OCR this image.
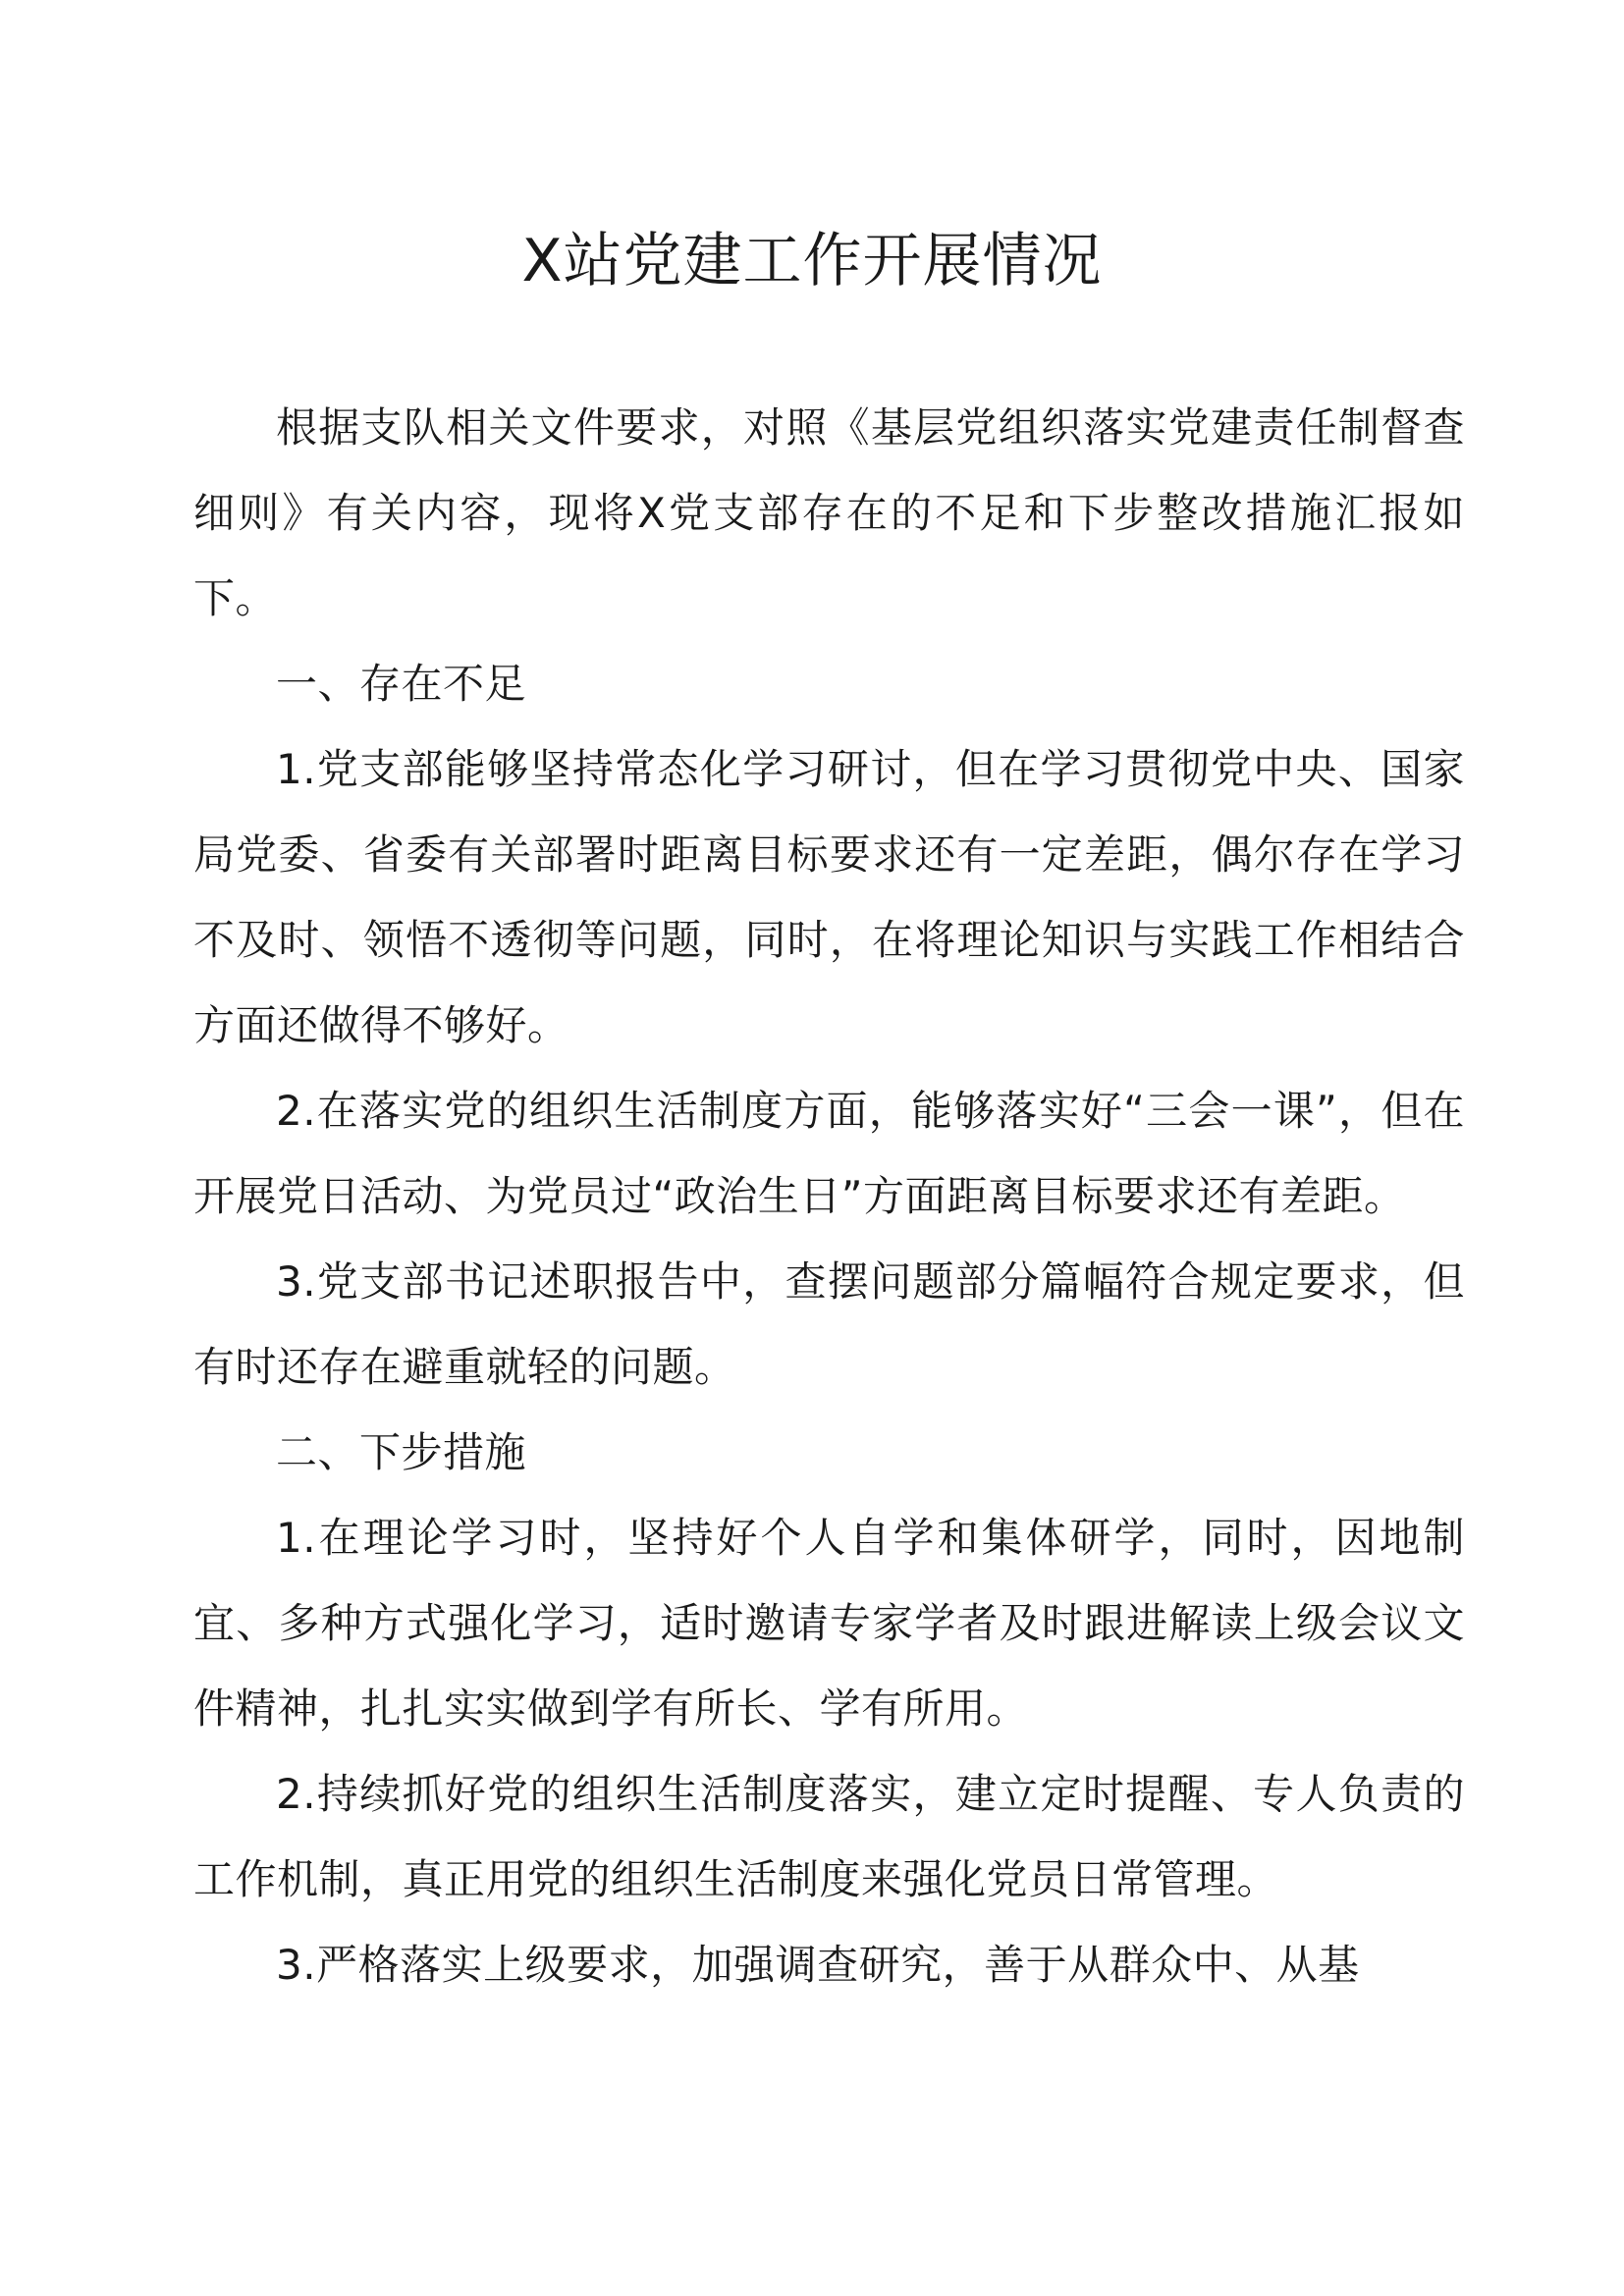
X站党建工作开展情况

根据支队相关文件要求，对照《基层党组织落实党建责任制督查细则》有关内容，现将X党支部存在的不足和下步整改措施汇报如下。

一、存在不足

1.党支部能够坚持常态化学习研讨，但在学习贯彻党中央、国家局党委、省委有关部署时距离目标要求还有一定差距，偶尔存在学习不及时、领悟不透彻等问题，同时，在将理论知识与实践工作相结合方面还做得不够好。

2.在落实党的组织生活制度方面，能够落实好“三会一课”，但在开展党日活动、为党员过“政治生日”方面距离目标要求还有差距。

3.党支部书记述职报告中，查摆问题部分篇幅符合规定要求，但有时还存在避重就轻的问题。

二、下步措施

1.在理论学习时，坚持好个人自学和集体研学，同时，因地制宜、多种方式强化学习，适时邀请专家学者及时跟进解读上级会议文件精神，扎扎实实做到学有所长、学有所用。

2.持续抓好党的组织生活制度落实，建立定时提醒、专人负责的工作机制，真正用党的组织生活制度来强化党员日常管理。

3.严格落实上级要求，加强调查研究，善于从群众中、从基
